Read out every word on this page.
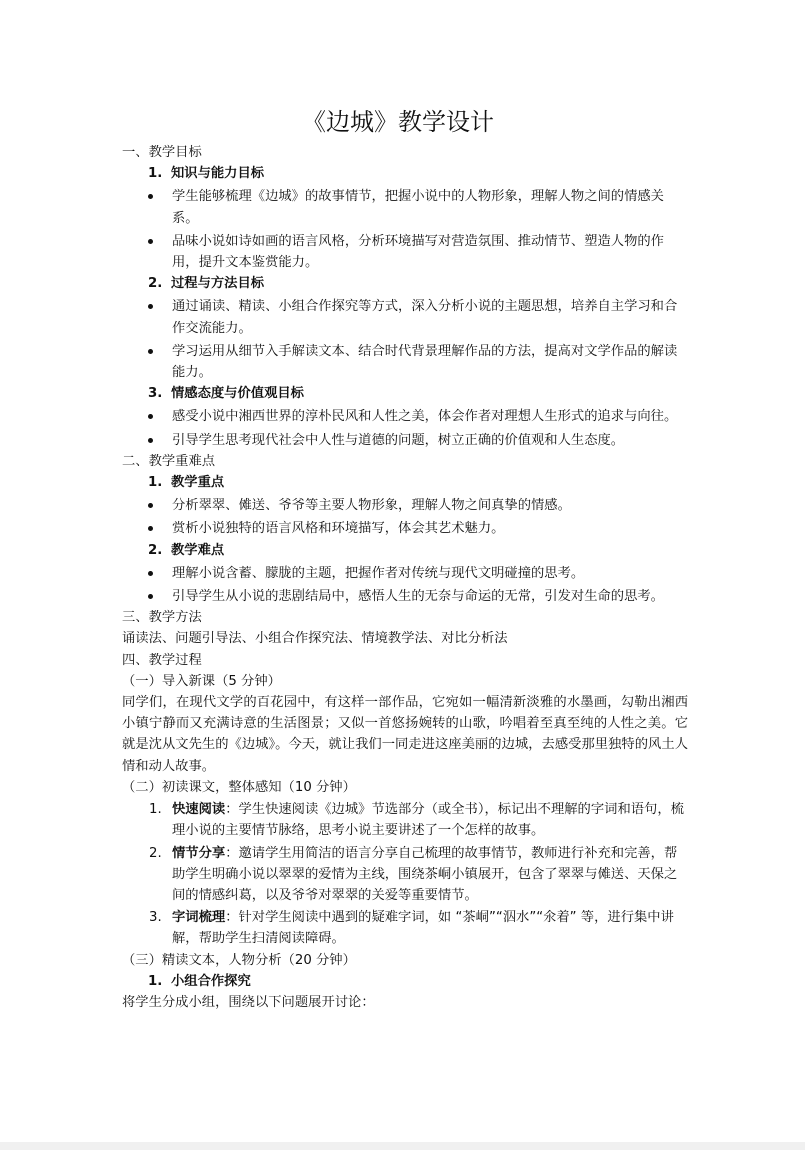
《边城》教学设计

一、教学目标

1. 知识与能力目标

学生能够梳理《边城》的故事情节，把握小说中的人物形象，理解人物之间的情感关系。
品味小说如诗如画的语言风格，分析环境描写对营造氛围、推动情节、塑造人物的作用，提升文本鉴赏能力。

2. 过程与方法目标

通过诵读、精读、小组合作探究等方式，深入分析小说的主题思想，培养自主学习和合作交流能力。
学习运用从细节入手解读文本、结合时代背景理解作品的方法，提高对文学作品的解读能力。

3. 情感态度与价值观目标

感受小说中湘西世界的淳朴民风和人性之美，体会作者对理想人生形式的追求与向往。
引导学生思考现代社会中人性与道德的问题，树立正确的价值观和人生态度。

二、教学重难点

1. 教学重点

分析翠翠、傩送、爷爷等主要人物形象，理解人物之间真挚的情感。
赏析小说独特的语言风格和环境描写，体会其艺术魅力。

2. 教学难点

理解小说含蓄、朦胧的主题，把握作者对传统与现代文明碰撞的思考。
引导学生从小说的悲剧结局中，感悟人生的无奈与命运的无常，引发对生命的思考。

三、教学方法

诵读法、问题引导法、小组合作探究法、情境教学法、对比分析法

四、教学过程

（一）导入新课（5 分钟）

同学们，在现代文学的百花园中，有这样一部作品，它宛如一幅清新淡雅的水墨画，勾勒出湘西小镇宁静而又充满诗意的生活图景；又似一首悠扬婉转的山歌，吟唱着至真至纯的人性之美。它就是沈从文先生的《边城》。今天，就让我们一同走进这座美丽的边城，去感受那里独特的风土人情和动人故事。

（二）初读课文，整体感知（10 分钟）

1. 快速阅读：学生快速阅读《边城》节选部分（或全书），标记出不理解的字词和语句，梳理小说的主要情节脉络，思考小说主要讲述了一个怎样的故事。
2. 情节分享：邀请学生用简洁的语言分享自己梳理的故事情节，教师进行补充和完善，帮助学生明确小说以翠翠的爱情为主线，围绕茶峒小镇展开，包含了翠翠与傩送、天保之间的情感纠葛，以及爷爷对翠翠的关爱等重要情节。
3. 字词梳理：针对学生阅读中遇到的疑难字词，如 “茶峒”“泅水”“氽着” 等，进行集中讲解，帮助学生扫清阅读障碍。

（三）精读文本，人物分析（20 分钟）

1. 小组合作探究

将学生分成小组，围绕以下问题展开讨论：
